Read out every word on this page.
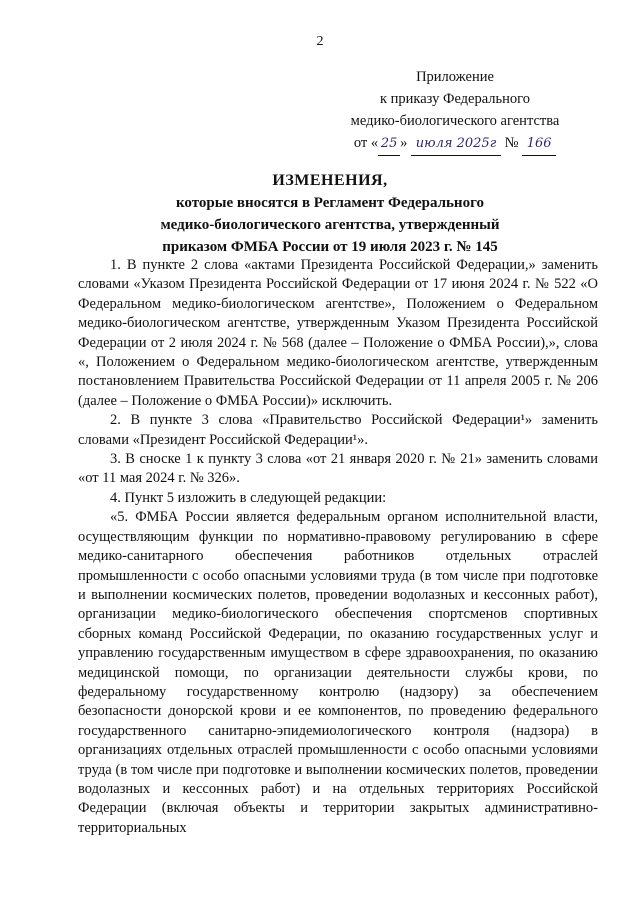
2
Приложение
к приказу Федерального
медико-биологического агентства
от « 25 » июля 2025г № 166
ИЗМЕНЕНИЯ,
которые вносятся в Регламент Федерального
медико-биологического агентства, утвержденный
приказом ФМБА России от 19 июля 2023 г. № 145

1. В пункте 2 слова «актами Президента Российской Федерации,» заменить словами «Указом Президента Российской Федерации от 17 июня 2024 г. № 522 «О Федеральном медико-биологическом агентстве», Положением о Федеральном медико-биологическом агентстве, утвержденным Указом Президента Российской Федерации от 2 июля 2024 г. № 568 (далее – Положение о ФМБА России),», слова «, Положением о Федеральном медико-биологическом агентстве, утвержденным постановлением Правительства Российской Федерации от 11 апреля 2005 г. № 206 (далее – Положение о ФМБА России)» исключить.

2. В пункте 3 слова «Правительство Российской Федерации¹» заменить словами «Президент Российской Федерации¹».

3. В сноске 1 к пункту 3 слова «от 21 января 2020 г. № 21» заменить словами «от 11 мая 2024 г. № 326».

4. Пункт 5 изложить в следующей редакции:

«5. ФМБА России является федеральным органом исполнительной власти, осуществляющим функции по нормативно-правовому регулированию в сфере медико-санитарного обеспечения работников отдельных отраслей промышленности с особо опасными условиями труда (в том числе при подготовке и выполнении космических полетов, проведении водолазных и кессонных работ), организации медико-биологического обеспечения спортсменов спортивных сборных команд Российской Федерации, по оказанию государственных услуг и управлению государственным имуществом в сфере здравоохранения, по оказанию медицинской помощи, по организации деятельности службы крови, по федеральному государственному контролю (надзору) за обеспечением безопасности донорской крови и ее компонентов, по проведению федерального государственного санитарно-эпидемиологического контроля (надзора) в организациях отдельных отраслей промышленности с особо опасными условиями труда (в том числе при подготовке и выполнении космических полетов, проведении водолазных и кессонных работ) и на отдельных территориях Российской Федерации (включая объекты и территории закрытых административно-территориальных
